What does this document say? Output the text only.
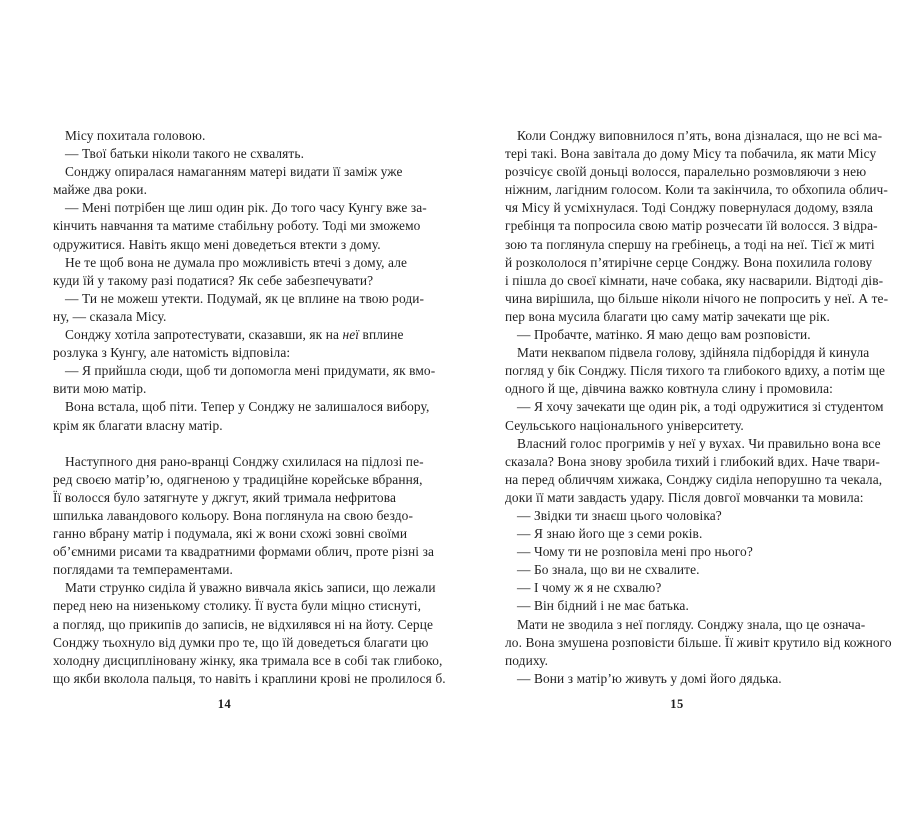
Місу похитала головою.
— Твої батьки ніколи такого не схвалять.
Сонджу опиралася намаганням матері видати її заміж уже
майже два роки.
— Мені потрібен ще лиш один рік. До того часу Кунгу вже за-
кінчить навчання та матиме стабільну роботу. Тоді ми зможемо
одружитися. Навіть якщо мені доведеться втекти з дому.
Не те щоб вона не думала про можливість втечі з дому, але
куди їй у такому разі податися? Як себе забезпечувати?
— Ти не можеш утекти. Подумай, як це вплине на твою роди-
ну, — сказала Місу.
Сонджу хотіла запротестувати, сказавши, як на неї вплине
розлука з Кунгу, але натомість відповіла:
— Я прийшла сюди, щоб ти допомогла мені придумати, як вмо-
вити мою матір.
Вона встала, щоб піти. Тепер у Сонджу не залишалося вибору,
крім як благати власну матір.
Наступного дня рано-вранці Сонджу схилилася на підлозі пе-
ред своєю матір’ю, одягненою у традиційне корейське вбрання,
Її волосся було затягнуте у джгут, який тримала нефритова
шпилька лавандового кольору. Вона поглянула на свою бездо-
ганно вбрану матір і подумала, які ж вони схожі зовні своїми
об’ємними рисами та квадратними формами облич, проте різні за
поглядами та темпераментами.
Мати струнко сиділа й уважно вивчала якісь записи, що лежали
перед нею на низенькому столику. Її вуста були міцно стиснуті,
а погляд, що прикипів до записів, не відхилявся ні на йоту. Серце
Сонджу тьохнуло від думки про те, що їй доведеться благати цю
холодну дисципліновану жінку, яка тримала все в собі так глибоко,
що якби вколола пальця, то навіть і краплини крові не пролилося б.
14
Коли Сонджу виповнилося п’ять, вона дізналася, що не всі ма-
тері такі. Вона завітала до дому Місу та побачила, як мати Місу
розчісує своїй доньці волосся, паралельно розмовляючи з нею
ніжним, лагідним голосом. Коли та закінчила, то обхопила облич-
чя Місу й усміхнулася. Тоді Сонджу повернулася додому, взяла
гребінця та попросила свою матір розчесати їй волосся. З відра-
зою та поглянула спершу на гребінець, а тоді на неї. Тієї ж миті
й розкололося п’ятирічне серце Сонджу. Вона похилила голову
і пішла до своєї кімнати, наче собака, яку насварили. Відтоді дів-
чина вирішила, що більше ніколи нічого не попросить у неї. А те-
пер вона мусила благати цю саму матір зачекати ще рік.
— Пробачте, матінко. Я маю дещо вам розповісти.
Мати неквапом підвела голову, здійняла підборіддя й кинула
погляд у бік Сонджу. Після тихого та глибокого вдиху, а потім ще
одного й ще, дівчина важко ковтнула слину і промовила:
— Я хочу зачекати ще один рік, а тоді одружитися зі студентом
Сеульського національного університету.
Власний голос прогримів у неї у вухах. Чи правильно вона все
сказала? Вона знову зробила тихий і глибокий вдих. Наче твари-
на перед обличчям хижака, Сонджу сиділа непорушно та чекала,
доки її мати завдасть удару. Після довгої мовчанки та мовила:
— Звідки ти знаєш цього чоловіка?
— Я знаю його ще з семи років.
— Чому ти не розповіла мені про нього?
— Бо знала, що ви не схвалите.
— І чому ж я не схвалю?
— Він бідний і не має батька.
Мати не зводила з неї погляду. Сонджу знала, що це означа-
ло. Вона змушена розповісти більше. Її живіт крутило від кожного
подиху.
— Вони з матір’ю живуть у домі його дядька.
15
